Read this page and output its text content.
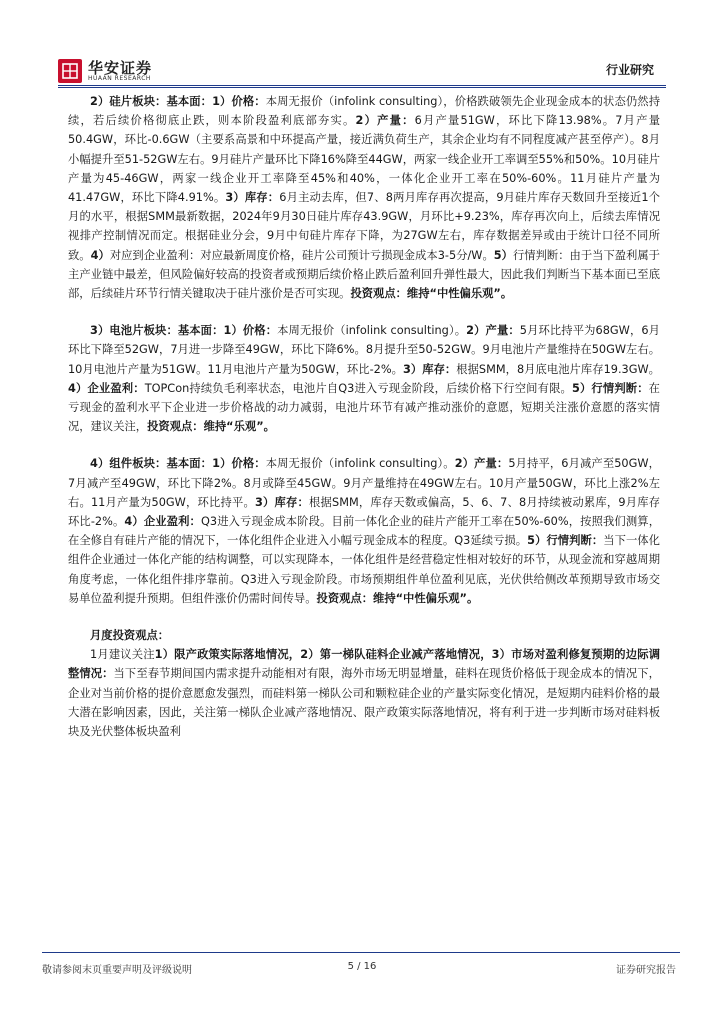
华安证券
HUAAN RESEARCH
行业研究

2）硅片板块：基本面：1）价格：本周无报价（infolink consulting），价格跌破领先企业现金成本的状态仍然持续，若后续价格彻底止跌，则本阶段盈利底部夯实。2）产量：6月产量51GW，环比下降13.98%。7月产量50.4GW，环比-0.6GW（主要系高景和中环提高产量，接近满负荷生产，其余企业均有不同程度减产甚至停产）。8月小幅提升至51-52GW左右。9月硅片产量环比下降16%降至44GW，两家一线企业开工率调至55%和50%。10月硅片产量为45-46GW，两家一线企业开工率降至45%和40%，一体化企业开工率在50%-60%。11月硅片产量为41.47GW，环比下降4.91%。3）库存：6月主动去库，但7、8两月库存再次提高，9月硅片库存天数回升至接近1个月的水平，根据SMM最新数据，2024年9月30日硅片库存43.9GW，月环比+9.23%，库存再次向上，后续去库情况视排产控制情况而定。根据硅业分会，9月中旬硅片库存下降，为27GW左右，库存数据差异或由于统计口径不同所致。4）对应到企业盈利：对应最新周度价格，硅片公司预计亏损现金成本3-5分/W。5）行情判断：由于当下盈利属于主产业链中最差，但风险偏好较高的投资者或预期后续价格止跌后盈利回升弹性最大，因此我们判断当下基本面已至底部，后续硅片环节行情关键取决于硅片涨价是否可实现。投资观点：维持“中性偏乐观”。

3）电池片板块：基本面：1）价格：本周无报价（infolink consulting）。2）产量：5月环比持平为68GW，6月环比下降至52GW，7月进一步降至49GW，环比下降6%。8月提升至50-52GW。9月电池片产量维持在50GW左右。10月电池片产量为51GW。11月电池片产量为50GW，环比-2%。3）库存：根据SMM，8月底电池片库存19.3GW。4）企业盈利：TOPCon持续负毛利率状态，电池片自Q3进入亏现金阶段，后续价格下行空间有限。5）行情判断：在亏现金的盈利水平下企业进一步价格战的动力减弱，电池片环节有减产推动涨价的意愿，短期关注涨价意愿的落实情况，建议关注，投资观点：维持“乐观”。

4）组件板块：基本面：1）价格：本周无报价（infolink consulting）。2）产量：5月持平，6月减产至50GW，7月减产至49GW，环比下降2%。8月或降至45GW。9月产量维持在49GW左右。10月产量50GW，环比上涨2%左右。11月产量为50GW，环比持平。3）库存：根据SMM，库存天数或偏高，5、6、7、8月持续被动累库，9月库存环比-2%。4）企业盈利：Q3进入亏现金成本阶段。目前一体化企业的硅片产能开工率在50%-60%，按照我们测算，在全修自有硅片产能的情况下，一体化组件企业进入小幅亏现金成本的程度。Q3延续亏损。5）行情判断：当下一体化组件企业通过一体化产能的结构调整，可以实现降本，一体化组件是经营稳定性相对较好的环节，从现金流和穿越周期角度考虑，一体化组件排序靠前。Q3进入亏现金阶段。市场预期组件单位盈利见底，光伏供给侧改革预期导致市场交易单位盈利提升预期。但组件涨价仍需时间传导。投资观点：维持“中性偏乐观”。

月度投资观点：

1月建议关注1）限产政策实际落地情况，2）第一梯队硅料企业减产落地情况，3）市场对盈利修复预期的边际调整情况：当下至春节期间国内需求提升动能相对有限，海外市场无明显增量，硅料在现货价格低于现金成本的情况下，企业对当前价格的提价意愿愈发强烈，而硅料第一梯队公司和颗粒硅企业的产量实际变化情况，是短期内硅料价格的最大潜在影响因素，因此，关注第一梯队企业减产落地情况、限产政策实际落地情况，将有利于进一步判断市场对硅料板块及光伏整体板块盈利

敬请参阅末页重要声明及评级说明	5 / 16	证券研究报告
